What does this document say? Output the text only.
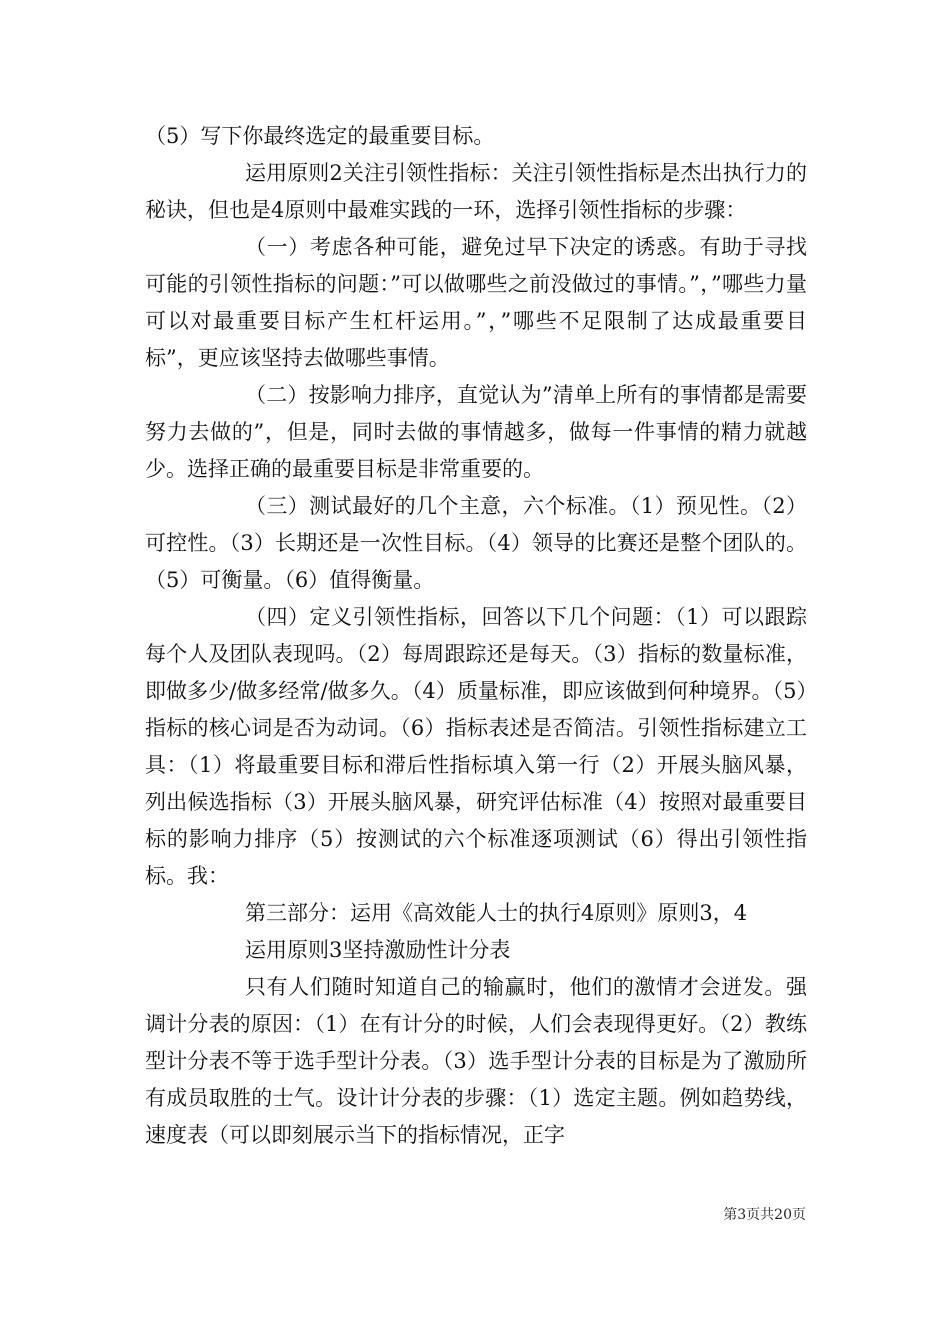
（5）写下你最终选定的最重要目标。

运用原则2关注引领性指标：关注引领性指标是杰出执行力的秘诀，但也是4原则中最难实践的一环，选择引领性指标的步骤：

（一）考虑各种可能，避免过早下决定的诱惑。有助于寻找可能的引领性指标的问题：”可以做哪些之前没做过的事情。”，”哪些力量可以对最重要目标产生杠杆运用。”，”哪些不足限制了达成最重要目标”，更应该坚持去做哪些事情。

（二）按影响力排序，直觉认为”清单上所有的事情都是需要努力去做的”，但是，同时去做的事情越多，做每一件事情的精力就越少。选择正确的最重要目标是非常重要的。

（三）测试最好的几个主意，六个标准。（1）预见性。（2）可控性。（3）长期还是一次性目标。（4）领导的比赛还是整个团队的。（5）可衡量。（6）值得衡量。

（四）定义引领性指标，回答以下几个问题：（1）可以跟踪每个人及团队表现吗。（2）每周跟踪还是每天。（3）指标的数量标准，即做多少/做多经常/做多久。（4）质量标准，即应该做到何种境界。（5）指标的核心词是否为动词。（6）指标表述是否简洁。引领性指标建立工具：（1）将最重要目标和滞后性指标填入第一行（2）开展头脑风暴，列出候选指标（3）开展头脑风暴，研究评估标准（4）按照对最重要目标的影响力排序（5）按测试的六个标准逐项测试（6）得出引领性指标。我：

第三部分：运用《高效能人士的执行4原则》原则3，4

运用原则3坚持激励性计分表

只有人们随时知道自己的输赢时，他们的激情才会迸发。强调计分表的原因：（1）在有计分的时候，人们会表现得更好。（2）教练型计分表不等于选手型计分表。（3）选手型计分表的目标是为了激励所有成员取胜的士气。设计计分表的步骤：（1）选定主题。例如趋势线，速度表（可以即刻展示当下的指标情况，正字

第3页共20页
